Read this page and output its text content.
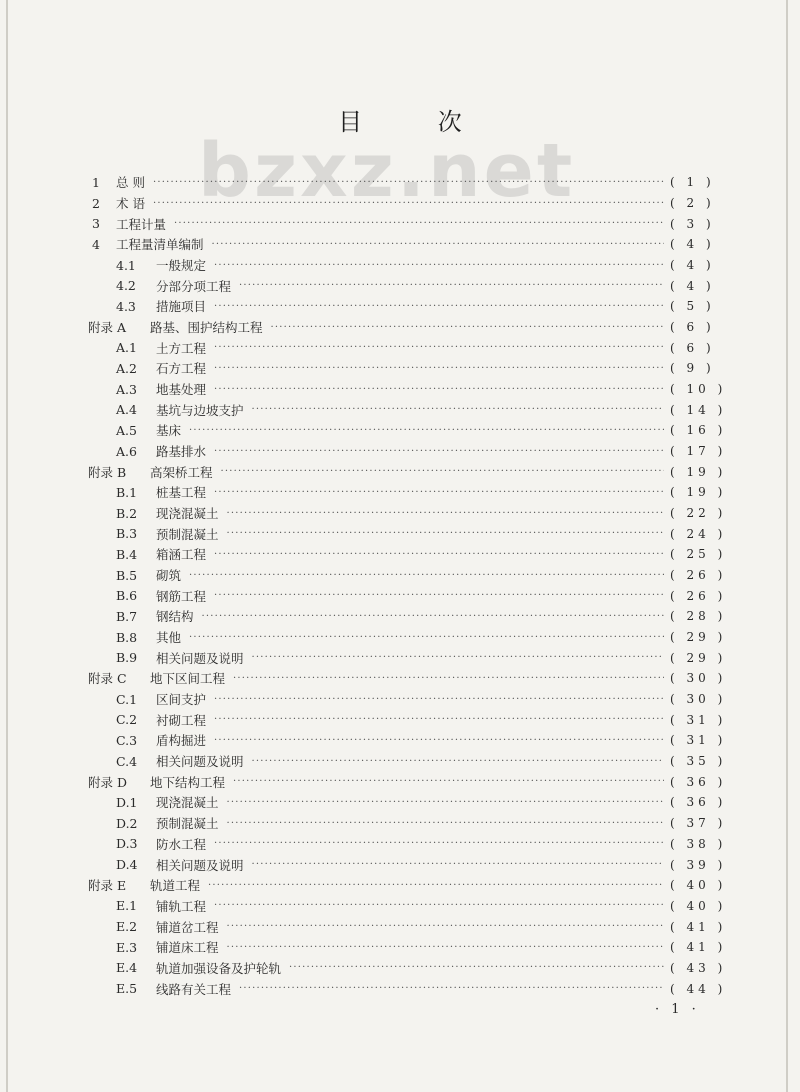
bzxz.net
目 次
1	总 则 ·····	( 1 )
2	术 语 ·····	( 2 )
3	工程计量 ·····	( 3 )
4	工程量清单编制 ·····	( 4 )
4.1	一般规定 ·····	( 4 )
4.2	分部分项工程 ·····	( 4 )
4.3	措施项目 ·····	( 5 )
附录 A	路基、围护结构工程 ·····	( 6 )
A.1	土方工程 ·····	( 6 )
A.2	石方工程 ·····	( 9 )
A.3	地基处理 ·····	( 10 )
A.4	基坑与边坡支护 ·····	( 14 )
A.5	基床 ·····	( 16 )
A.6	路基排水 ·····	( 17 )
附录 B	高架桥工程 ·····	( 19 )
B.1	桩基工程 ·····	( 19 )
B.2	现浇混凝土 ·····	( 22 )
B.3	预制混凝土 ·····	( 24 )
B.4	箱涵工程 ·····	( 25 )
B.5	砌筑 ·····	( 26 )
B.6	钢筋工程 ·····	( 26 )
B.7	钢结构 ·····	( 28 )
B.8	其他 ·····	( 29 )
B.9	相关问题及说明 ·····	( 29 )
附录 C	地下区间工程 ·····	( 30 )
C.1	区间支护 ·····	( 30 )
C.2	衬砌工程 ·····	( 31 )
C.3	盾构掘进 ·····	( 31 )
C.4	相关问题及说明 ·····	( 35 )
附录 D	地下结构工程 ·····	( 36 )
D.1	现浇混凝土 ·····	( 36 )
D.2	预制混凝土 ·····	( 37 )
D.3	防水工程 ·····	( 38 )
D.4	相关问题及说明 ·····	( 39 )
附录 E	轨道工程 ·····	( 40 )
E.1	铺轨工程 ·····	( 40 )
E.2	铺道岔工程 ·····	( 41 )
E.3	铺道床工程 ·····	( 41 )
E.4	轨道加强设备及护轮轨 ·····	( 43 )
E.5	线路有关工程 ·····	( 44 )
· 1 ·
